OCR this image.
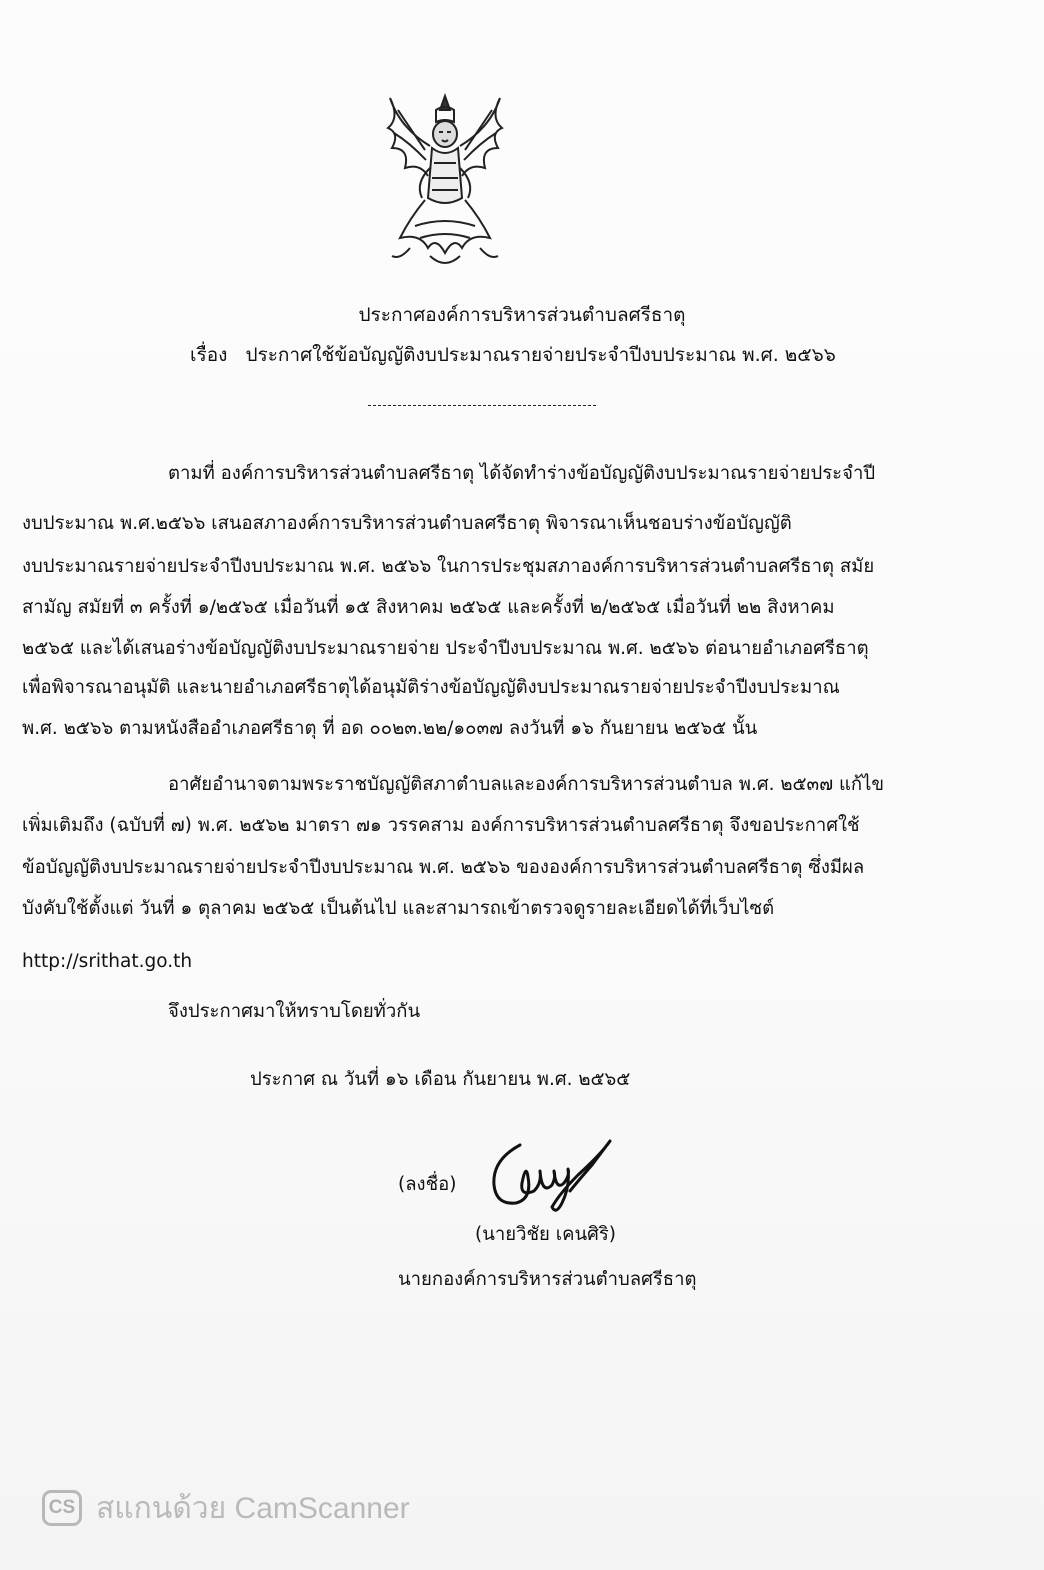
ประกาศองค์การบริหารส่วนตำบลศรีธาตุ
เรื่อง ประกาศใช้ข้อบัญญัติงบประมาณรายจ่ายประจำปีงบประมาณ พ.ศ. ๒๕๖๖
ตามที่ องค์การบริหารส่วนตำบลศรีธาตุ ได้จัดทำร่างข้อบัญญัติงบประมาณรายจ่ายประจำปี
งบประมาณ พ.ศ.๒๕๖๖ เสนอสภาองค์การบริหารส่วนตำบลศรีธาตุ พิจารณาเห็นชอบร่างข้อบัญญัติ
งบประมาณรายจ่ายประจำปีงบประมาณ พ.ศ. ๒๕๖๖ ในการประชุมสภาองค์การบริหารส่วนตำบลศรีธาตุ สมัย
สามัญ สมัยที่ ๓ ครั้งที่ ๑/๒๕๖๕ เมื่อวันที่ ๑๕ สิงหาคม ๒๕๖๕ และครั้งที่ ๒/๒๕๖๕ เมื่อวันที่ ๒๒ สิงหาคม
๒๕๖๕ และได้เสนอร่างข้อบัญญัติงบประมาณรายจ่าย ประจำปีงบประมาณ พ.ศ. ๒๕๖๖ ต่อนายอำเภอศรีธาตุ
เพื่อพิจารณาอนุมัติ และนายอำเภอศรีธาตุได้อนุมัติร่างข้อบัญญัติงบประมาณรายจ่ายประจำปีงบประมาณ
พ.ศ. ๒๕๖๖ ตามหนังสืออำเภอศรีธาตุ ที่ อด ๐๐๒๓.๒๒/๑๐๓๗ ลงวันที่ ๑๖ กันยายน ๒๕๖๕ นั้น
อาศัยอำนาจตามพระราชบัญญัติสภาตำบลและองค์การบริหารส่วนตำบล พ.ศ. ๒๕๓๗ แก้ไข
เพิ่มเติมถึง (ฉบับที่ ๗) พ.ศ. ๒๕๖๒ มาตรา ๗๑ วรรคสาม องค์การบริหารส่วนตำบลศรีธาตุ จึงขอประกาศใช้
ข้อบัญญัติงบประมาณรายจ่ายประจำปีงบประมาณ พ.ศ. ๒๕๖๖ ขององค์การบริหารส่วนตำบลศรีธาตุ ซึ่งมีผล
บังคับใช้ตั้งแต่ วันที่ ๑ ตุลาคม ๒๕๖๕ เป็นต้นไป และสามารถเข้าตรวจดูรายละเอียดได้ที่เว็บไซต์
http://srithat.go.th
จึงประกาศมาให้ทราบโดยทั่วกัน
ประกาศ ณ วันที่ ๑๖ เดือน กันยายน พ.ศ. ๒๕๖๕
(ลงชื่อ)
(นายวิชัย เคนศิริ)
นายกองค์การบริหารส่วนตำบลศรีธาตุ
CS สแกนด้วย CamScanner
